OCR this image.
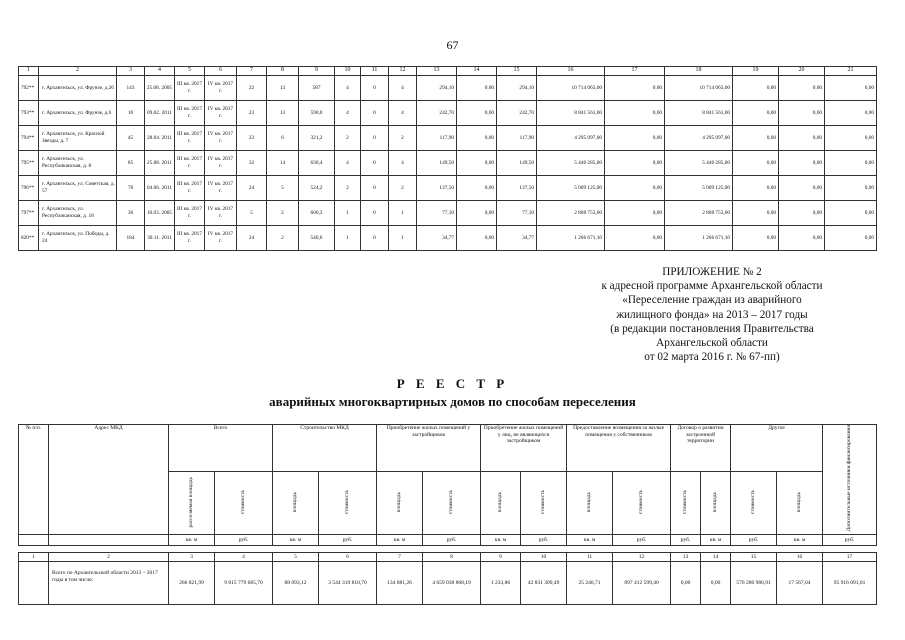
67
1	2	3	4	5	6	7	8	9	10	11	12	13	14	15	16	17	18	19	20	21
792**	г. Архангельск, ул. Фрунзе, д.26	143	25.08. 2005	III кв. 2017 г.	IV кв. 2017 г.	22	13	587	4	0	4	294,10	0,00	294,10	10 714 063,00	0,00	10 714 063,00	0,00	0,00	0,00
793**	г. Архангельск, ул. Фрунзе, д.6	16	09.02. 2011	III кв. 2017 г.	IV кв. 2017 г.	23	13	590,0	4	0	4	242,70	0,00	242,70	8 841 561,00	0,00	8 841 561,00	0,00	0,00	0,00
794**	г. Архангельск, ул. Красной Звезды, д. 7	45	28.04. 2011	III кв. 2017 г.	IV кв. 2017 г.	23	6	321,2	2	0	2	117,90	0,00	117,90	4 295 097,00	0,00	4 295 097,00	0,00	0,00	0,00
795**	г. Архангельск, ул. Республиканская, д. 8	85	25.08. 2011	III кв. 2017 г.	IV кв. 2017 г.	32	14	630,4	4	0	4	149,50	0,00	149,50	5 446 285,00	0,00	5 446 285,00	0,00	0,00	0,00
796**	г. Архангельск, ул. Советская, д. 57	78	04.06. 2011	III кв. 2017 г.	IV кв. 2017 г.	24	5	524,2	2	0	2	137,50	0,00	137,50	5 009 125,00	0,00	5 009 125,00	0,00	0,00	0,00
797**	г. Архангельск, ул. Республиканская, д. 18	36	10.03. 2005	III кв. 2017 г.	IV кв. 2017 г.	5	2	600,3	1	0	1	77,10	0,00	77,10	2 808 753,00	0,00	2 808 753,00	0,00	0,00	0,00
820**	г. Архангельск, ул. Победы, д. 24	184	30.11. 2011	III кв. 2017 г.	IV кв. 2017 г.	24	2	540,6	1	0	1	34,77	0,00	34,77	1 266 671,10	0,00	1 266 671,10	0,00	0,00	0,00
ПРИЛОЖЕНИЕ № 2
к адресной программе Архангельской области
«Переселение граждан из аварийного
жилищного фонда» на 2013 – 2017 годы
(в редакции постановления Правительства
Архангельской области
от 02 марта 2016 г. № 67-пп)
Р Е Е С Т Р
аварийных многоквартирных домов по способам переселения
№ п/п.	Адрес МКД	Всего		Строительство МКД		Приобретение жилых помещений у застройщиков		Приобретение жилых помещений у лиц, не являющихся застройщиком		Предоставление возмещения за жилые помещения у собственников		Договор о развитии застроенной территории		Другое		Дополнительные источники финансирования
		расселяемая площадь	стоимость	площадь	стоимость	площадь	стоимость	площадь	стоимость	площадь	стоимость	стоимость	площадь	стоимость	площадь	
		кв. м	руб.	кв. м	руб.	кв. м	руб.	кв. м	руб.	кв. м	руб.	руб.	кв. м	руб.	кв. м	руб.

1	2	3	4	5	6	7	8	9	10	11	12	13	14	15	16	17
	Всего по Архангельской области 2013 – 2017 годы в том числе:	266 821,99	9 815 779 685,70	88 093,12	3 544 319 810,70	134 081,26	4 659 038 868,19	1 233,86	42 831 309,49	25 246,71	897 412 599,40	0,00	0,00	576 280 986,91	17 567,04	95 916 091,01
